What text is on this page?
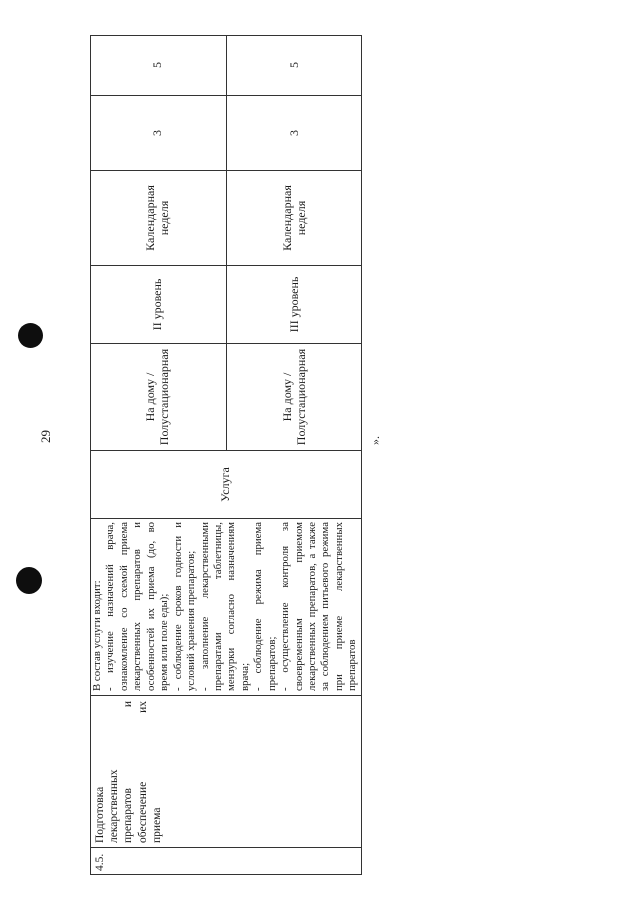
29
4.5.
Подготовка лекарственных препаратов и обеспечение их приема
В состав услуги входит: - изучение назначений врача, ознакомление со схемой приема лекарственных препаратов и особенностей их приема (до, во время или поле еды); - соблюдение сроков годности и условий хранения препаратов; - заполнение лекарственными препаратами таблетницы, мензурки согласно назначениям врача; - соблюдение режима приема препаратов; - осуществление контроля за своевременным приемом лекарственных препаратов, а также за соблюдением питьевого режима при приеме лекарственных препаратов
Услуга
На дому / Полустационарная
II уровень
Календарная неделя
3
5
На дому / Полустационарная
III уровень
Календарная неделя
3
5
».
